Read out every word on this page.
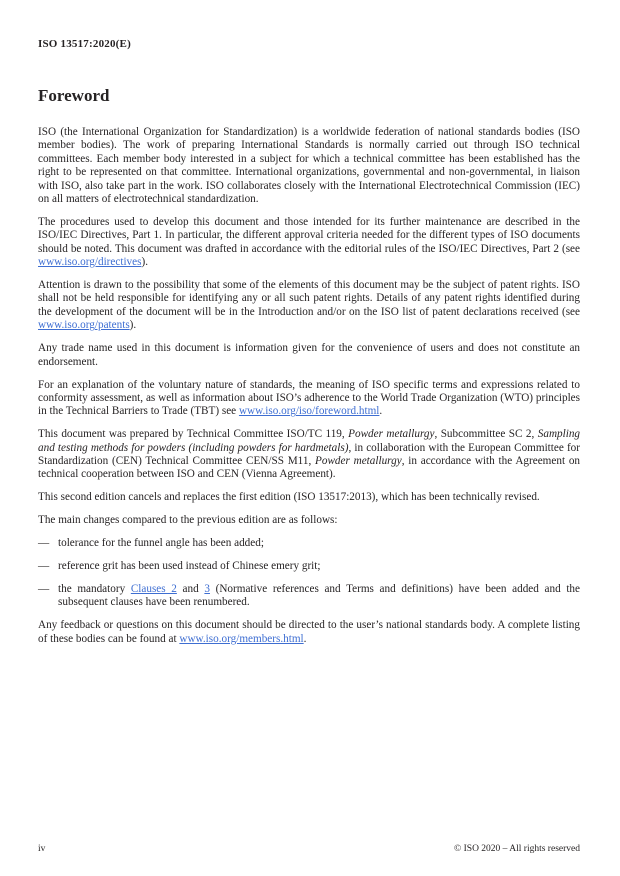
ISO 13517:2020(E)
Foreword

ISO (the International Organization for Standardization) is a worldwide federation of national standards bodies (ISO member bodies). The work of preparing International Standards is normally carried out through ISO technical committees. Each member body interested in a subject for which a technical committee has been established has the right to be represented on that committee. International organizations, governmental and non-governmental, in liaison with ISO, also take part in the work. ISO collaborates closely with the International Electrotechnical Commission (IEC) on all matters of electrotechnical standardization.

The procedures used to develop this document and those intended for its further maintenance are described in the ISO/IEC Directives, Part 1. In particular, the different approval criteria needed for the different types of ISO documents should be noted. This document was drafted in accordance with the editorial rules of the ISO/IEC Directives, Part 2 (see www.iso.org/directives).

Attention is drawn to the possibility that some of the elements of this document may be the subject of patent rights. ISO shall not be held responsible for identifying any or all such patent rights. Details of any patent rights identified during the development of the document will be in the Introduction and/or on the ISO list of patent declarations received (see www.iso.org/patents).

Any trade name used in this document is information given for the convenience of users and does not constitute an endorsement.

For an explanation of the voluntary nature of standards, the meaning of ISO specific terms and expressions related to conformity assessment, as well as information about ISO’s adherence to the World Trade Organization (WTO) principles in the Technical Barriers to Trade (TBT) see www.iso.org/iso/foreword.html.

This document was prepared by Technical Committee ISO/TC 119, Powder metallurgy, Subcommittee SC 2, Sampling and testing methods for powders (including powders for hardmetals), in collaboration with the European Committee for Standardization (CEN) Technical Committee CEN/SS M11, Powder metallurgy, in accordance with the Agreement on technical cooperation between ISO and CEN (Vienna Agreement).

This second edition cancels and replaces the first edition (ISO 13517:2013), which has been technically revised.

The main changes compared to the previous edition are as follows:

— tolerance for the funnel angle has been added;
— reference grit has been used instead of Chinese emery grit;
— the mandatory Clauses 2 and 3 (Normative references and Terms and definitions) have been added and the subsequent clauses have been renumbered.

Any feedback or questions on this document should be directed to the user’s national standards body. A complete listing of these bodies can be found at www.iso.org/members.html.

iv	© ISO 2020 – All rights reserved
